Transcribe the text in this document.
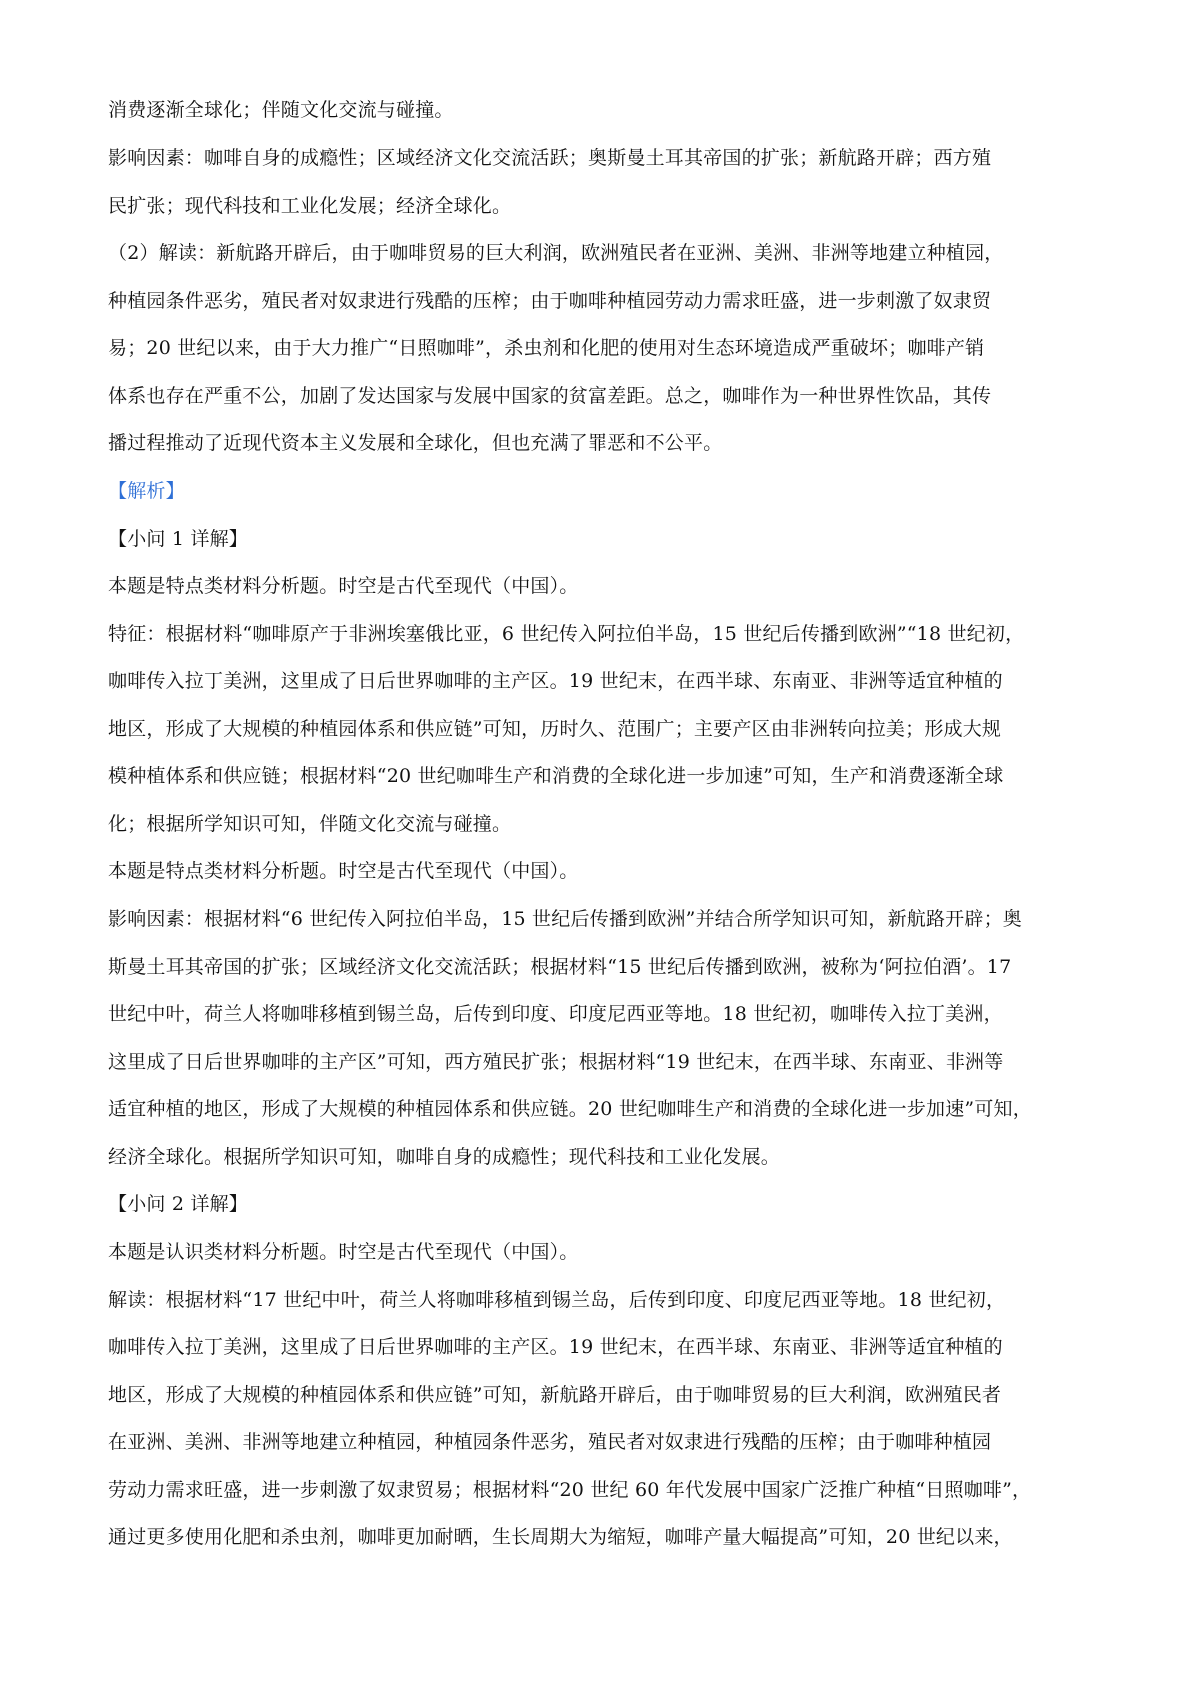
消费逐渐全球化；伴随文化交流与碰撞。
影响因素：咖啡自身的成瘾性；区域经济文化交流活跃；奥斯曼土耳其帝国的扩张；新航路开辟；西方殖
民扩张；现代科技和工业化发展；经济全球化。
（2）解读：新航路开辟后，由于咖啡贸易的巨大利润，欧洲殖民者在亚洲、美洲、非洲等地建立种植园，
种植园条件恶劣，殖民者对奴隶进行残酷的压榨；由于咖啡种植园劳动力需求旺盛，进一步刺激了奴隶贸
易；20 世纪以来，由于大力推广“日照咖啡”，杀虫剂和化肥的使用对生态环境造成严重破坏；咖啡产销
体系也存在严重不公，加剧了发达国家与发展中国家的贫富差距。总之，咖啡作为一种世界性饮品，其传
播过程推动了近现代资本主义发展和全球化，但也充满了罪恶和不公平。
【解析】
【小问 1 详解】
本题是特点类材料分析题。时空是古代至现代（中国）。
特征：根据材料“咖啡原产于非洲埃塞俄比亚，6 世纪传入阿拉伯半岛，15 世纪后传播到欧洲”“18 世纪初，
咖啡传入拉丁美洲，这里成了日后世界咖啡的主产区。19 世纪末，在西半球、东南亚、非洲等适宜种植的
地区，形成了大规模的种植园体系和供应链”可知，历时久、范围广；主要产区由非洲转向拉美；形成大规
模种植体系和供应链；根据材料“20 世纪咖啡生产和消费的全球化进一步加速”可知，生产和消费逐渐全球
化；根据所学知识可知，伴随文化交流与碰撞。
本题是特点类材料分析题。时空是古代至现代（中国）。
影响因素：根据材料“6 世纪传入阿拉伯半岛，15 世纪后传播到欧洲”并结合所学知识可知，新航路开辟；奥
斯曼土耳其帝国的扩张；区域经济文化交流活跃；根据材料“15 世纪后传播到欧洲，被称为‘阿拉伯酒’。17
世纪中叶，荷兰人将咖啡移植到锡兰岛，后传到印度、印度尼西亚等地。18 世纪初，咖啡传入拉丁美洲，
这里成了日后世界咖啡的主产区”可知，西方殖民扩张；根据材料“19 世纪末，在西半球、东南亚、非洲等
适宜种植的地区，形成了大规模的种植园体系和供应链。20 世纪咖啡生产和消费的全球化进一步加速”可知，
经济全球化。根据所学知识可知，咖啡自身的成瘾性；现代科技和工业化发展。
【小问 2 详解】
本题是认识类材料分析题。时空是古代至现代（中国）。
解读：根据材料“17 世纪中叶，荷兰人将咖啡移植到锡兰岛，后传到印度、印度尼西亚等地。18 世纪初，
咖啡传入拉丁美洲，这里成了日后世界咖啡的主产区。19 世纪末，在西半球、东南亚、非洲等适宜种植的
地区，形成了大规模的种植园体系和供应链”可知，新航路开辟后，由于咖啡贸易的巨大利润，欧洲殖民者
在亚洲、美洲、非洲等地建立种植园，种植园条件恶劣，殖民者对奴隶进行残酷的压榨；由于咖啡种植园
劳动力需求旺盛，进一步刺激了奴隶贸易；根据材料“20 世纪 60 年代发展中国家广泛推广种植“日照咖啡”，
通过更多使用化肥和杀虫剂，咖啡更加耐晒，生长周期大为缩短，咖啡产量大幅提高”可知，20 世纪以来，
